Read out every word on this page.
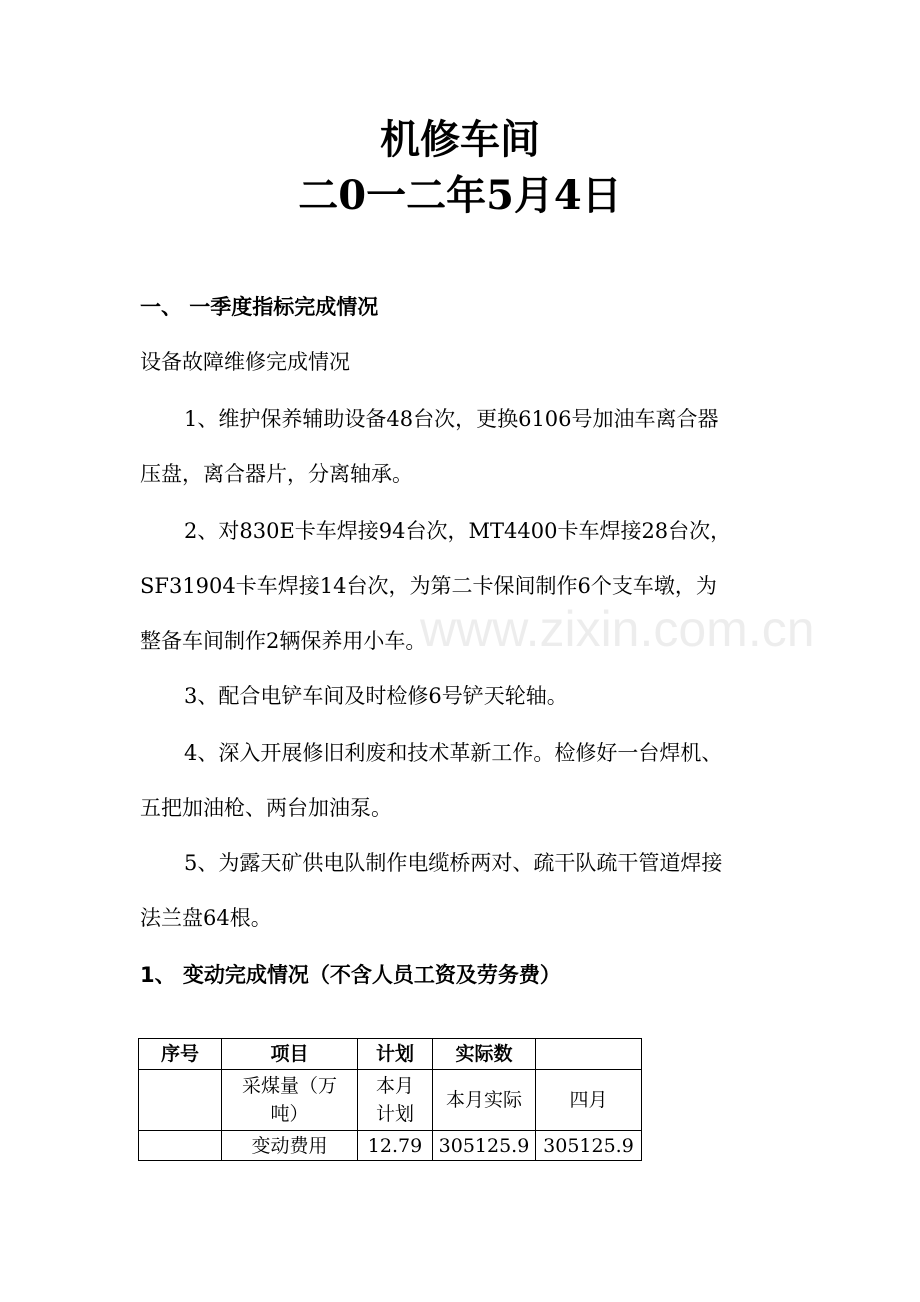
机修车间
二0一二年5月4日
www.zixin.com.cn
一、 一季度指标完成情况
设备故障维修完成情况
1、维护保养辅助设备48台次，更换6106号加油车离合器
压盘，离合器片，分离轴承。
2、对830E卡车焊接94台次，MT4400卡车焊接28台次，
SF31904卡车焊接14台次，为第二卡保间制作6个支车墩，为
整备车间制作2辆保养用小车。
3、配合电铲车间及时检修6号铲天轮轴。
4、深入开展修旧利废和技术革新工作。检修好一台焊机、
五把加油枪、两台加油泵。
5、为露天矿供电队制作电缆桥两对、疏干队疏干管道焊接
法兰盘64根。
1、 变动完成情况（不含人员工资及劳务费）
序号	项目	计划	实际数	
	采煤量（万吨）	本月计划	本月实际	四月
	变动费用	12.79	305125.9	305125.9
